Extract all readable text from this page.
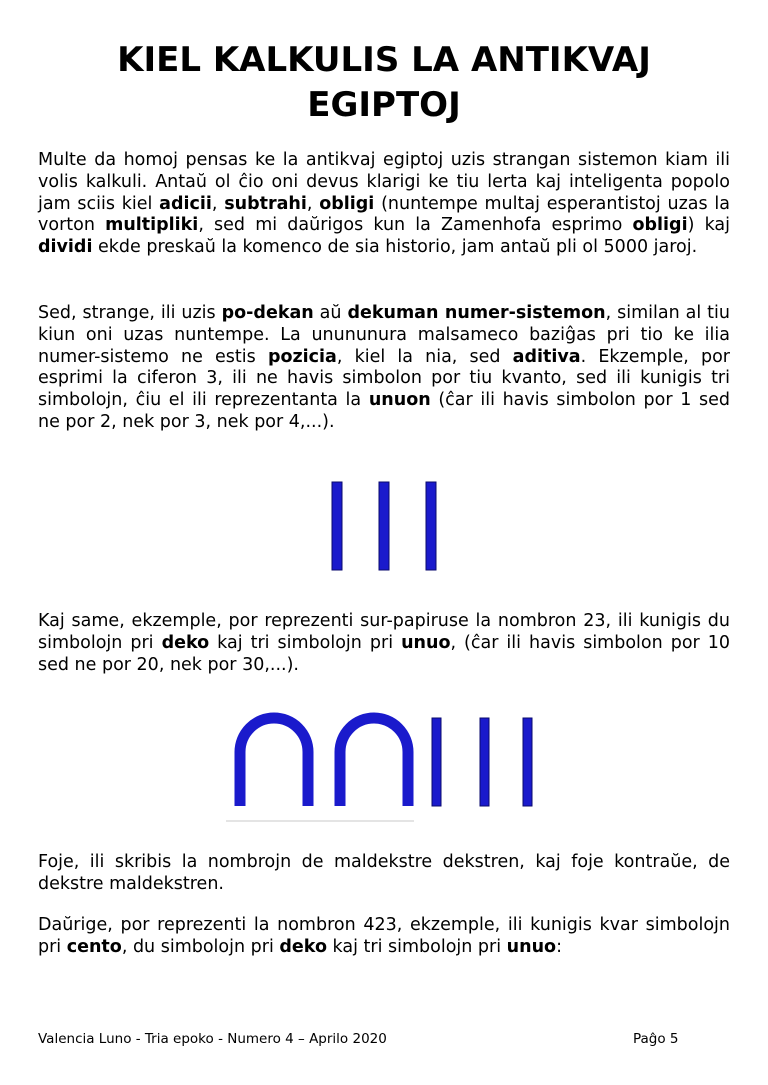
KIEL KALKULIS LA ANTIKVAJ EGIPTOJ

Multe da homoj pensas ke la antikvaj egiptoj uzis strangan sistemon kiam ili volis kalkuli. Antaŭ ol ĉio oni devus klarigi ke tiu lerta kaj inteligenta popolo jam sciis kiel adicii, subtrahi, obligi (nuntempe multaj esperantistoj uzas la vorton multipliki, sed mi daŭrigos kun la Zamenhofa esprimo obligi) kaj dividi ekde preskaŭ la komenco de sia historio, jam antaŭ pli ol 5000 jaroj.

Sed, strange, ili uzis po-dekan aŭ dekuman numer-sistemon, similan al tiu kiun oni uzas nuntempe. La unununura malsameco baziĝas pri tio ke ilia numer-sistemo ne estis pozicia, kiel la nia, sed aditiva. Ekzemple, por esprimi la ciferon 3, ili ne havis simbolon por tiu kvanto, sed ili kunigis tri simbolojn, ĉiu el ili reprezentanta la unuon (ĉar ili havis simbolon por 1 sed ne por 2, nek por 3, nek por 4,...).

Kaj same, ekzemple, por reprezenti sur-papiruse la nombron 23, ili kunigis du simbolojn pri deko kaj tri simbolojn pri unuo, (ĉar ili havis simbolon por 10 sed ne por 20, nek por 30,...).

Foje, ili skribis la nombrojn de maldekstre dekstren, kaj foje kontraŭe, de dekstre maldekstren.

Daŭrige, por reprezenti la nombron 423, ekzemple, ili kunigis kvar simbolojn pri cento, du simbolojn pri deko kaj tri simbolojn pri unuo:

Valencia Luno - Tria epoko - Numero 4 – Aprilo 2020	Paĝo 5
